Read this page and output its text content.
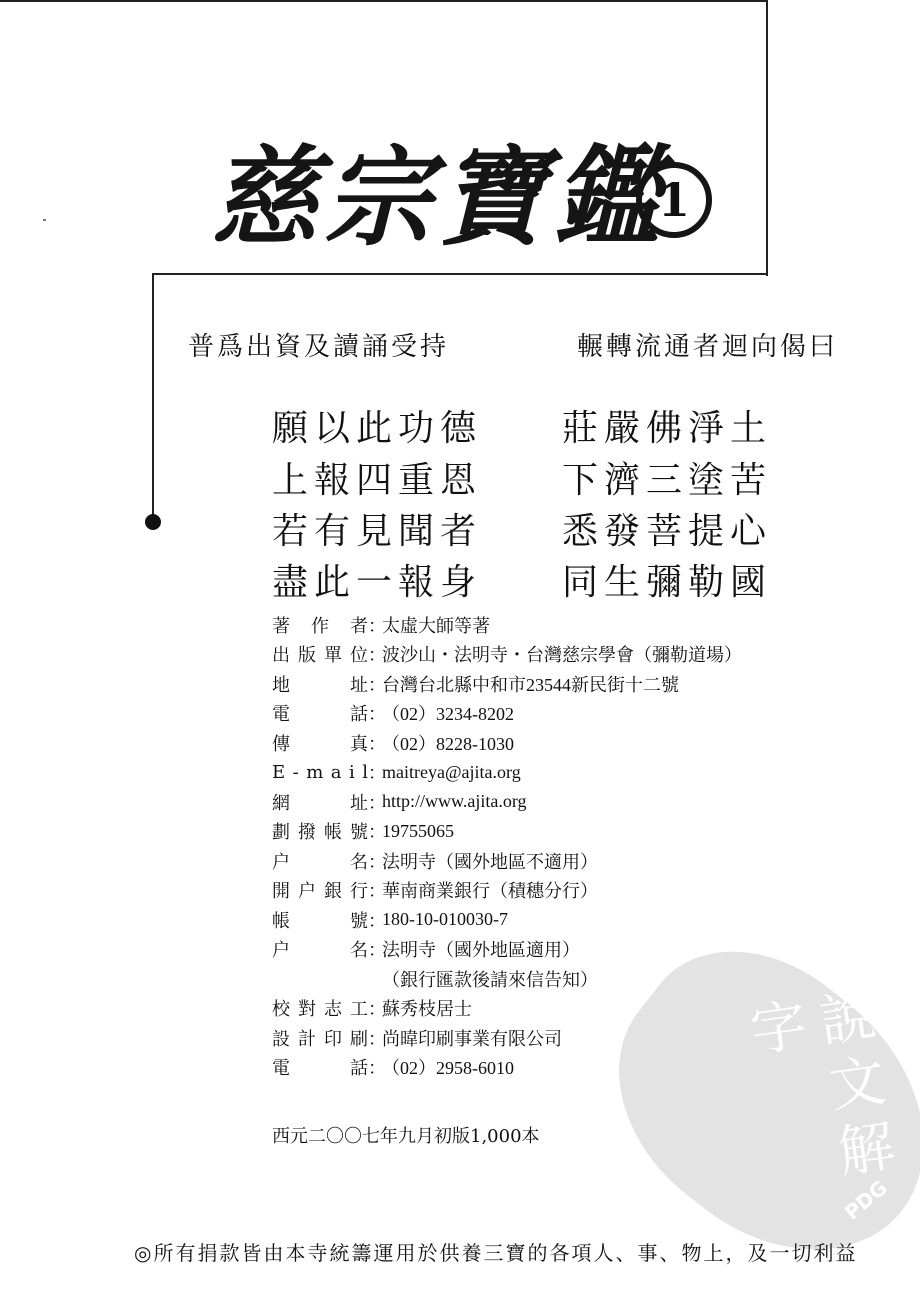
慈宗寶鑑
1
普爲出資及讀誦受持	輾轉流通者迴向偈曰
願以此功德 莊嚴佛淨土
上報四重恩 下濟三塗苦
若有見聞者 悉發菩提心
盡此一報身 同生彌勒國
著 作 者 ：
太虛大師等著
出 版 單 位 ：
波沙山・法明寺・台灣慈宗學會（彌勒道場）
地	址 ：
台灣台北縣中和市23544新民街十二號
電	話 ：
（02）3234-8202
傳	真 ：
（02）8228-1030
E - m a i l ：
maitreya@ajita.org
網	址 ：
http://www.ajita.org
劃 撥 帳 號 ：
19755065
户	名 ：
法明寺（國外地區不適用）
開 户 銀 行 ：
華南商業銀行（積穗分行）
帳	號 ：
180-10-010030-7
户	名 ：
法明寺（國外地區適用）
（銀行匯款後請來信告知）
校 對 志 工 ：
蘇秀枝居士
設 計 印 刷 ：
尚暐印刷事業有限公司
電	話 ：
（02）2958-6010
西元二〇〇七年九月初版1,000本	說文解字
PDG
◎所有捐款皆由本寺統籌運用於供養三寶的各項人、事、物上，及一切利益
